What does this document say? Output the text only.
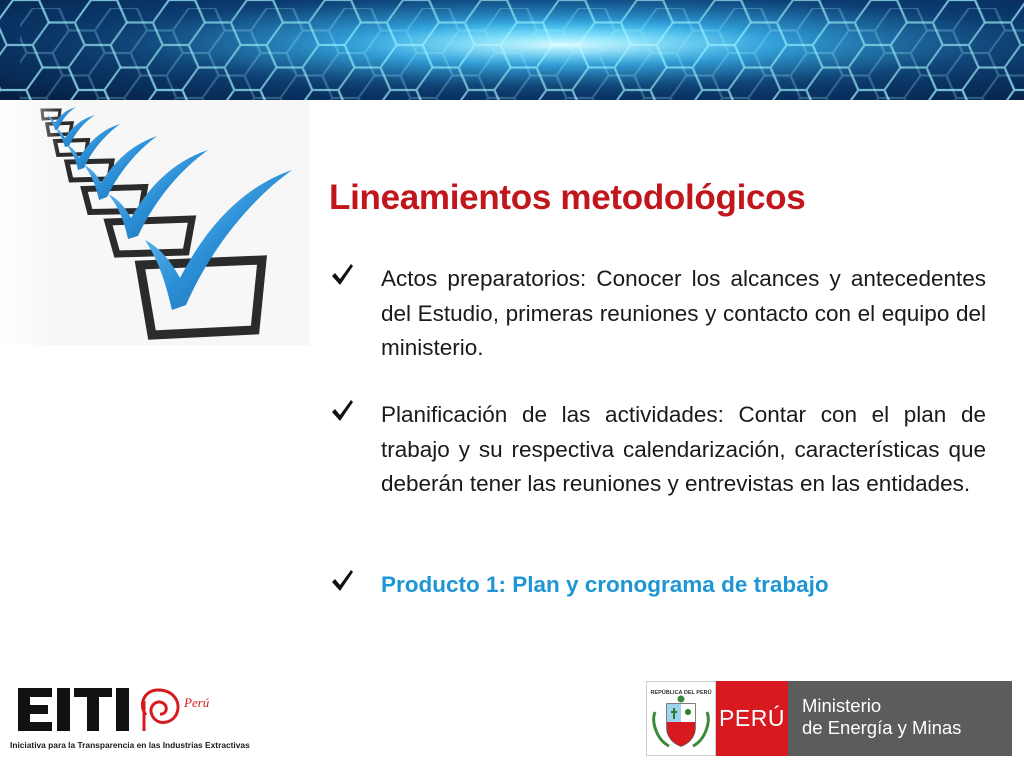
Lineamientos metodológicos
Actos preparatorios: Conocer los alcances y antecedentes del Estudio, primeras reuniones y contacto con el equipo del ministerio.
Planificación de las actividades: Contar con el plan de trabajo y su respectiva calendarización, características que deberán tener las reuniones y entrevistas en las entidades.
Producto 1: Plan y cronograma de trabajo
Perú
Iniciativa para la Transparencia en las Industrias Extractivas
REPÚBLICA DEL PERÚ
PERÚ Ministerio
de Energía y Minas
